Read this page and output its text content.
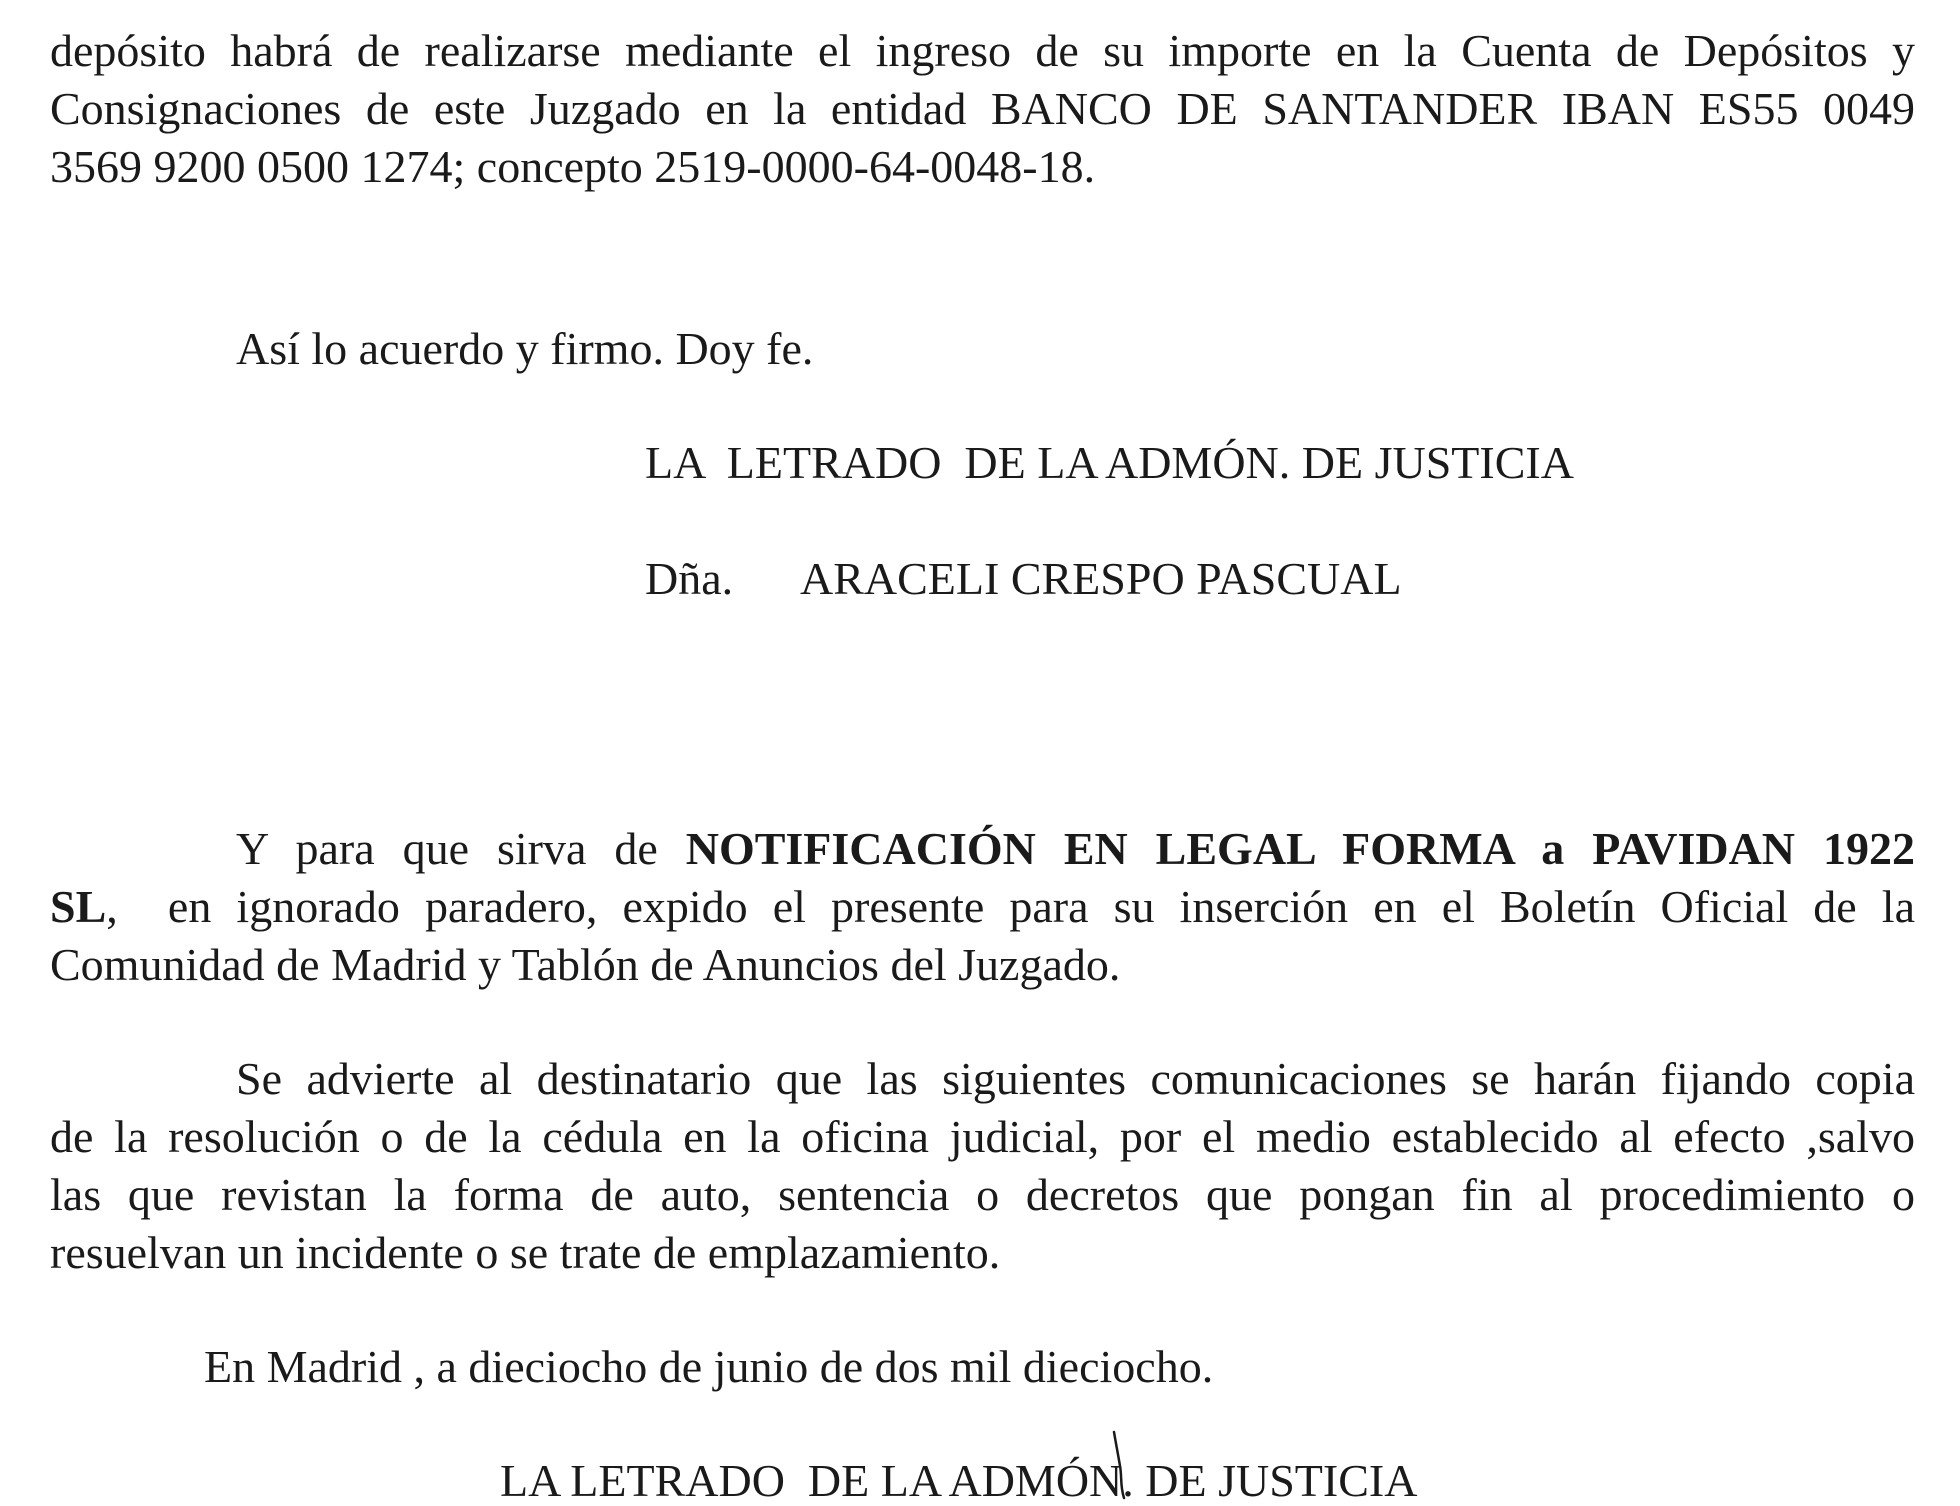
depósito habrá de realizarse mediante el ingreso de su importe en la Cuenta de Depósitos y
Consignaciones de este Juzgado en la entidad BANCO DE SANTANDER IBAN ES55 0049
3569 9200 0500 1274; concepto 2519-0000-64-0048-18.
Así lo acuerdo y firmo. Doy fe.
LA  LETRADO  DE LA ADMÓN. DE JUSTICIA
Dña. ARACELI CRESPO PASCUAL
Y para que sirva de NOTIFICACIÓN EN LEGAL FORMA a PAVIDAN 1922
SL,  en ignorado paradero, expido el presente para su inserción en el Boletín Oficial de la
Comunidad de Madrid y Tablón de Anuncios del Juzgado.
Se advierte al destinatario que las siguientes comunicaciones se harán fijando copia
de la resolución o de la cédula en la oficina judicial, por el medio establecido al efecto ,salvo
las que revistan la forma de auto, sentencia o decretos que pongan fin al procedimiento o
resuelvan un incidente o se trate de emplazamiento.
En Madrid , a dieciocho de junio de dos mil dieciocho.
LA LETRADO  DE LA ADMÓN. DE JUSTICIA
